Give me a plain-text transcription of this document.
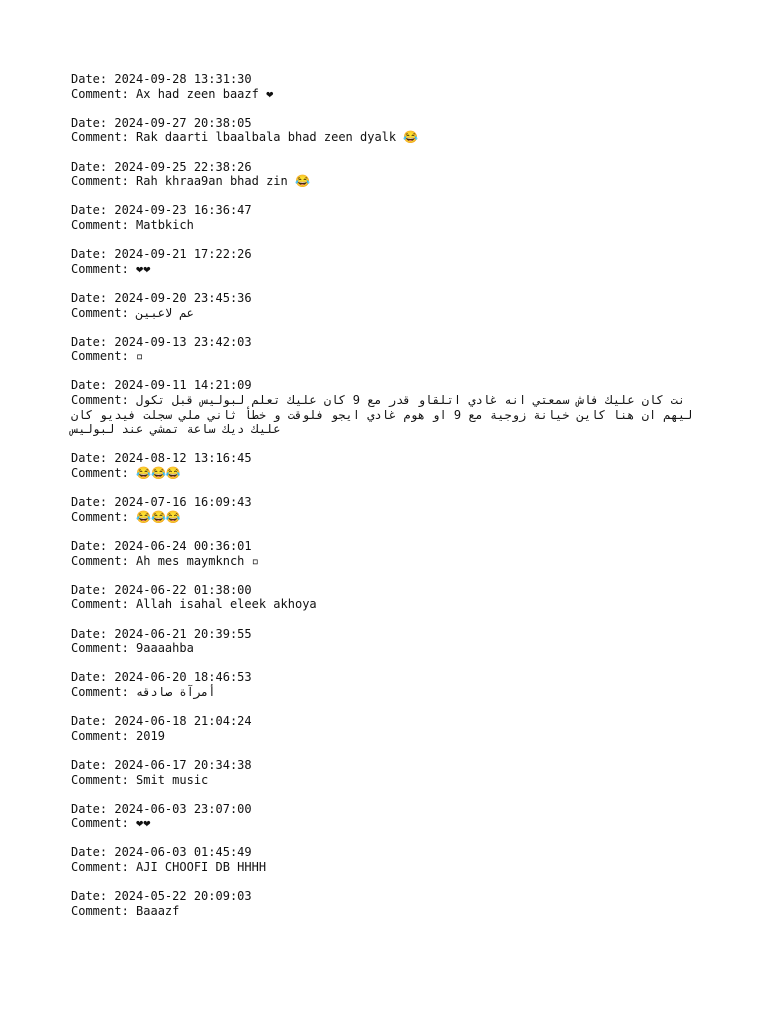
Date: 2024-09-28 13:31:30
Comment: Ax had zeen baazf ❤
Date: 2024-09-27 20:38:05
Comment: Rak daarti lbaalbala bhad zeen dyalk 😂
Date: 2024-09-25 22:38:26
Comment: Rah khraa9an bhad zin 😂
Date: 2024-09-23 16:36:47
Comment: Matbkich
Date: 2024-09-21 17:22:26
Comment: ❤❤
Date: 2024-09-20 23:45:36
Comment: عم لاعبين
Date: 2024-09-13 23:42:03
Comment: ▫
Date: 2024-09-11 14:21:09
Comment: نت كان عليك فاش سمعتي انه غادي اتلقاو قدر مع 9 كان عليك تعلم لبوليس قبل تكول ليهم ان هنا كاين خيانة زوجية مع 9 او هوم غادي ايجو فلوقت و خطأ ثاني ملي سجلت فيديو كان عليك ديك ساعة تمشي عند لبوليس
Date: 2024-08-12 13:16:45
Comment: 😂😂😂
Date: 2024-07-16 16:09:43
Comment: 😂😂😂
Date: 2024-06-24 00:36:01
Comment: Ah mes maymknch ▫
Date: 2024-06-22 01:38:00
Comment: Allah isahal eleek akhoya
Date: 2024-06-21 20:39:55
Comment: 9aaaahba
Date: 2024-06-20 18:46:53
Comment: أمرآة صادقه
Date: 2024-06-18 21:04:24
Comment: 2019
Date: 2024-06-17 20:34:38
Comment: Smit music
Date: 2024-06-03 23:07:00
Comment: ❤❤
Date: 2024-06-03 01:45:49
Comment: AJI CHOOFI DB HHHH
Date: 2024-05-22 20:09:03
Comment: Baaazf
